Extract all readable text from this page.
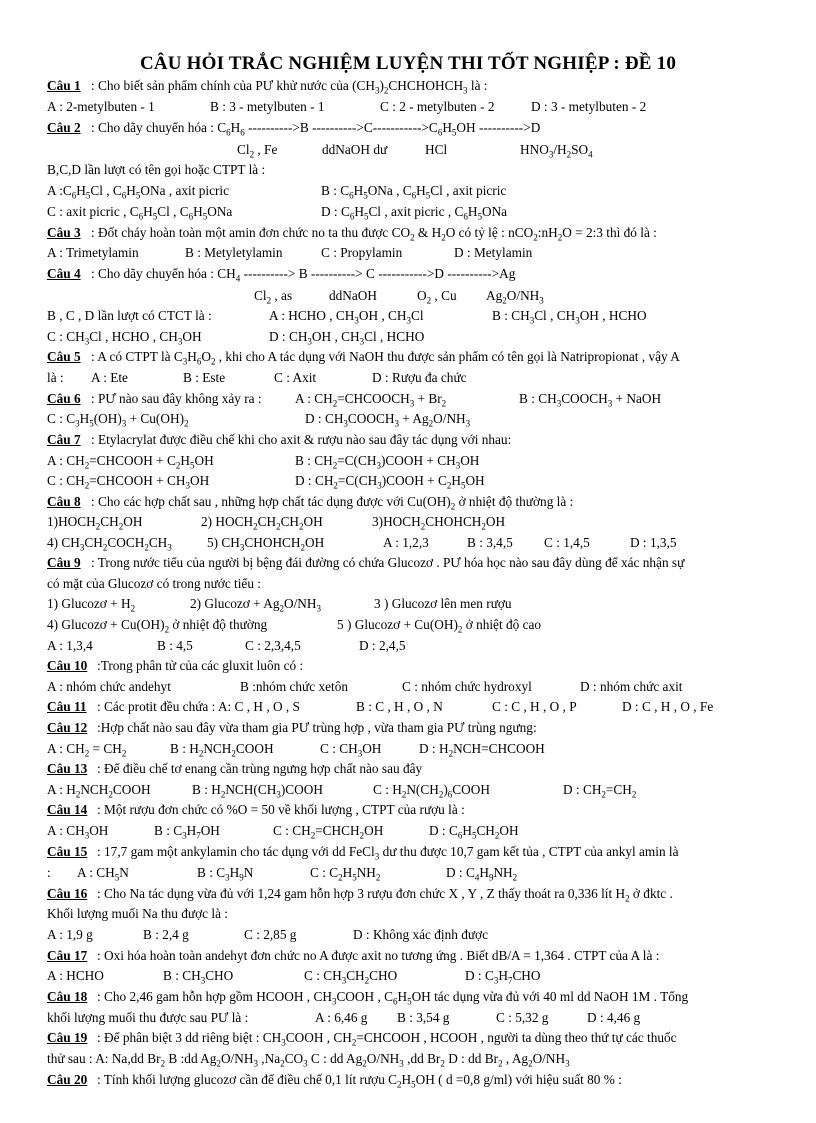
CÂU HỎI TRẮC NGHIỆM LUYỆN THI TỐT NGHIỆP : ĐỀ 10
Câu 1 : Cho biết sản phẩm chính của PƯ khử nước của $(CH_3)_2CHCHOHCH_3$ là :
A : 2-metylbuten - 1	B : 3 - metylbuten - 1	C : 2 - metylbuten - 2	D : 3 - metylbuten - 2
Câu 2 : Cho dãy chuyển hóa : $C_6H_6$ ---------->B $---------->C----------->C_6H_5OH$ ---------->D
$Cl_2$ , Fe	ddNaOH dư	HCl	$HNO_3/H_2SO_4$
B,C,D lần lượt có tên gọi hoặc CTPT là :
A $:C_6H_5Cl$ , $C_6H_5ONa$ , axit picric	B : $C_6H_5ONa$ , $C_6H_5Cl$ , axit picric
C : axit picric , $C_6H_5Cl$ , $C_6H_5ONa$	D : $C_6H_5Cl$ , axit picric , $C_6H_5ONa$
Câu 3 : Đốt cháy hoàn toàn một amin đơn chức no ta thu được $CO_2$ & $H_2O$ có tỷ lệ : $nCO_2:nH_2O$ = 2:3 thì đó là :
A : Trimetylamin	B : Metyletylamin	C : Propylamin	D : Metylamin
Câu 4 : Cho dãy chuyển hóa : $CH_4$ ----------> B ----------> C ----------->D ---------->Ag
$Cl_2$ , as	ddNaOH	$O_2$ , Cu $Ag_2O/NH_3$
B , C , D lần lượt có CTCT là :	A : HCHO , $CH_3OH$ , $CH_3Cl$	B : $CH_3Cl$ , $CH_3OH$ , HCHO
C : $CH_3Cl$ , HCHO , $CH_3OH$	D : $CH_3OH$ , $CH_3Cl$ , HCHO
Câu 5 : A có CTPT là $C_3H_6O_2$ , khi cho A tác dụng với NaOH thu được sản phẩm có tên gọi là Natripropionat , vậy A
là : A : Ete	B : Este	C : Axit	D : Rượu đa chức
Câu 6 : PƯ nào sau đây không xảy ra :	A : $CH_2=CHCOOCH_3 + Br_2$	B : $CH_3COOCH_3$ + NaOH
C : $C_3H_5(OH)_3 + Cu(OH)_2$	D : $CH_3COOCH_3 + Ag_2O/NH_3$
Câu 7 : Etylacrylat được điều chế khi cho axit & rượu nào sau đây tác dụng với nhau:
A : $CH_2=CHCOOH + C_2H_5OH$	B : $CH_2=C(CH_3)COOH + CH_3OH$
C : $CH_2=CHCOOH + CH_3OH$	D : $CH_2=C(CH_3)COOH + C_2H_5OH$
Câu 8 : Cho các hợp chất sau , những hợp chất tác dụng được với $Cu(OH)_2$ ở nhiệt độ thường là :
$1)HOCH_2CH_2OH$	2) $HOCH_2CH_2CH_2OH$	$3)HOCH_2CHOHCH_2OH$
4) $CH_3CH_2COCH_2CH_3$	5) $CH_3CHOHCH_2OH$	A : 1,2,3	B : 3,4,5 C : 1,4,5	D : 1,3,5
Câu 9 : Trong nước tiểu của người bị bệng đái đường có chứa Glucozơ . PƯ hóa học nào sau đây dùng để xác nhận sự
có mặt của Glucozơ có trong nước tiểu :
1) Glucozơ + $H_2$	2) Glucozơ + $Ag_2O/NH_3$	3 ) Glucozơ lên men rượu
4) Glucozơ + $Cu(OH)_2$ ở nhiệt độ thường	5 ) Glucozơ + $Cu(OH)_2$ ở nhiệt độ cao
A : 1,3,4	B : 4,5	C : 2,3,4,5	D : 2,4,5
Câu 10 :Trong phân tử của các gluxit luôn có :
A : nhóm chức andehyt	B :nhóm chức xetôn	C : nhóm chức hydroxyl	D : nhóm chức axit
Câu 11 : Các protit đều chứa : A: C , H , O , S	B : C , H , O , N	C : C , H , O , P	D : C , H , O , Fe
Câu 12 :Hợp chất nào sau đây vừa tham gia PƯ trùng hợp , vừa tham gia PƯ trùng ngưng:
A : $CH_2 = CH_2$	B : $H_2NCH_2COOH$	C : $CH_3OH$	D : $H_2NCH=CHCOOH$
Câu 13 : Để điều chế tơ enang cần trùng ngưng hợp chất nào sau đây
A : $H_2NCH_2COOH$	B : $H_2NCH(CH_3)COOH$	C : $H_2N(CH_2)_6COOH$	D : $CH_2=CH_2$
Câu 14 : Một rượu đơn chức có %O = 50 về khối lượng , CTPT của rượu là :
A : $CH_3OH$	B : $C_3H_7OH$	C : $CH_2=CHCH_2OH$	D : $C_6H_5CH_2OH$
Câu 15 : 17,7 gam một ankylamin cho tác dụng với dd FeCl$_3$ dư thu được 10,7 gam kết tủa , CTPT của ankyl amin là
: A : $CH_5N$	B : $C_3H_9N$	C : $C_2H_5NH_2$	D : $C_4H_9NH_2$
Câu 16 : Cho Na tác dụng vừa đủ với 1,24 gam hỗn hợp 3 rượu đơn chức X , Y , Z thấy thoát ra 0,336 lít $H_2$ ở đktc .
Khối lượng muối Na thu được là :
A : 1,9 g	B : 2,4 g	C : 2,85 g	D : Không xác định được
Câu 17 : Oxi hóa hoàn toàn andehyt đơn chức no A được axit no tương ứng . Biết dB/A = 1,364 . CTPT của A là :
A : HCHO	B : $CH_3CHO$	C : $CH_3CH_2CHO$	D : $C_3H_7CHO$
Câu 18 : Cho 2,46 gam hỗn hợp gồm HCOOH , $CH_3COOH$ , $C_6H_5OH$ tác dụng vừa đủ với 40 ml dd NaOH 1M . Tổng
khối lượng muối thu được sau PƯ là :	A : 6,46 g B : 3,54 g	C : 5,32 g	D : 4,46 g
Câu 19 : Để phân biệt 3 dd riêng biệt : $CH_3COOH$ , $CH_2=CHCOOH$ , HCOOH , người ta dùng theo thứ tự các thuốc
thử sau : A: Na,dd $Br_2$ B :dd $Ag_2O/NH_3$ $,Na_2CO_3$ C : dd $Ag_2O/NH_3$ ,dd $Br_2$ D : dd $Br_2$ , $Ag_2O/NH_3$
Câu 20 : Tính khối lượng glucozơ cần để điều chế 0,1 lít rượu $C_2H_5OH$ ( d =0,8 g/ml) với hiệu suất 80 % :
